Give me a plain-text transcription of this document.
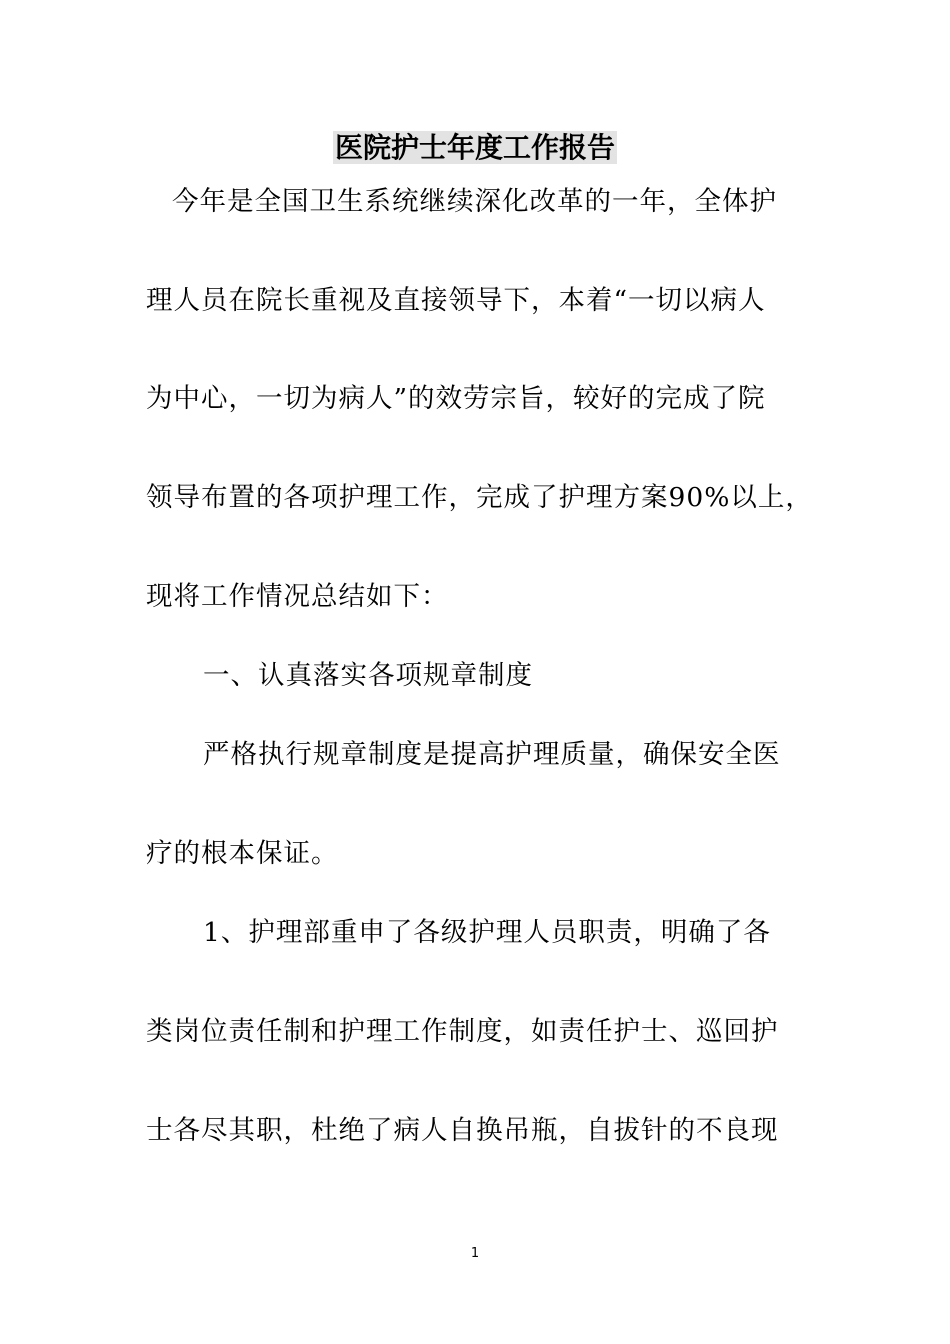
医院护士年度工作报告

今年是全国卫生系统继续深化改革的一年，全体护

理人员在院长重视及直接领导下，本着“一切以病人

为中心，一切为病人”的效劳宗旨，较好的完成了院

领导布置的各项护理工作，完成了护理方案90%以上，

现将工作情况总结如下：

一、认真落实各项规章制度

严格执行规章制度是提高护理质量，确保安全医

疗的根本保证。

1、护理部重申了各级护理人员职责，明确了各

类岗位责任制和护理工作制度，如责任护士、巡回护

士各尽其职，杜绝了病人自换吊瓶，自拔针的不良现

1
